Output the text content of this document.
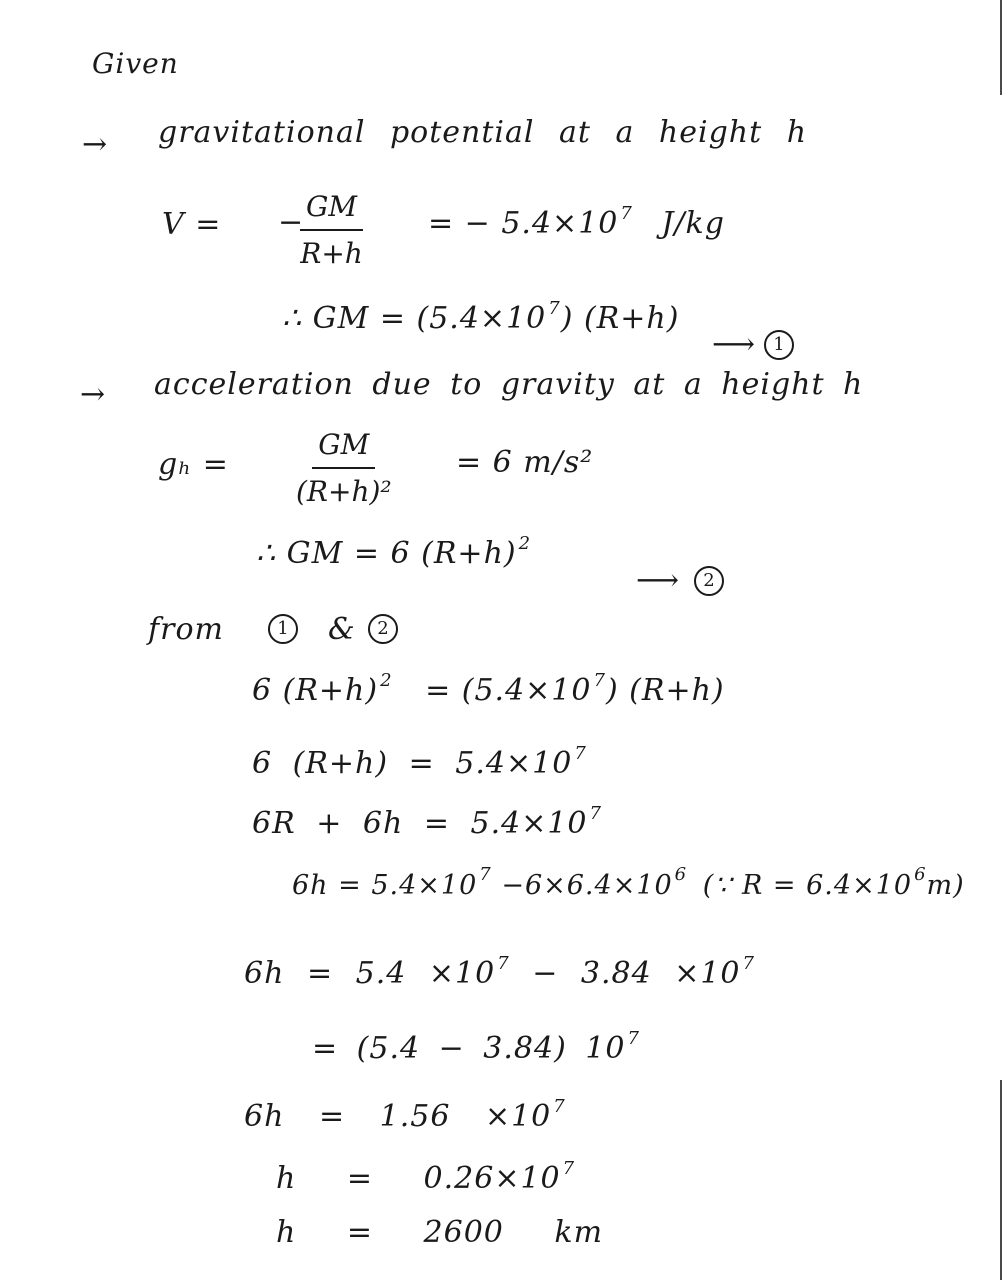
Given
→ gravitational potential at a height h
V = −
$\frac{GM}{R+h}$ = − 5.4×10 $^7$ J/kg
∴ GM = (5.4×10 $^7$) (R+h)
⟶ 1
→ acceleration due to gravity at a height h
$g_h = \frac{GM}{\text{(R+h)²}} = 6$ m/s²
∴ GM = 6 (R+h) $^2$
⟶	2
from	1	&	2
6 (R+h) $^2$ = (5.4×10 $^7$) (R+h)
6 (R+h) = 5.4×10 $^7$
6R + 6h = 5.4×10 $^7$
6h = 5.4×10 $^7$ −6×6.4×10 $^6$ (∵ R = 6.4×10 $^6$m)
6h = 5.4 ×10 $^7$ − 3.84 ×10 $^7$
= (5.4 − 3.84) 10 $^7$
6h = 1.56 ×10 $^7$
h = 0.26×10 $^7$
h = 2600 km
